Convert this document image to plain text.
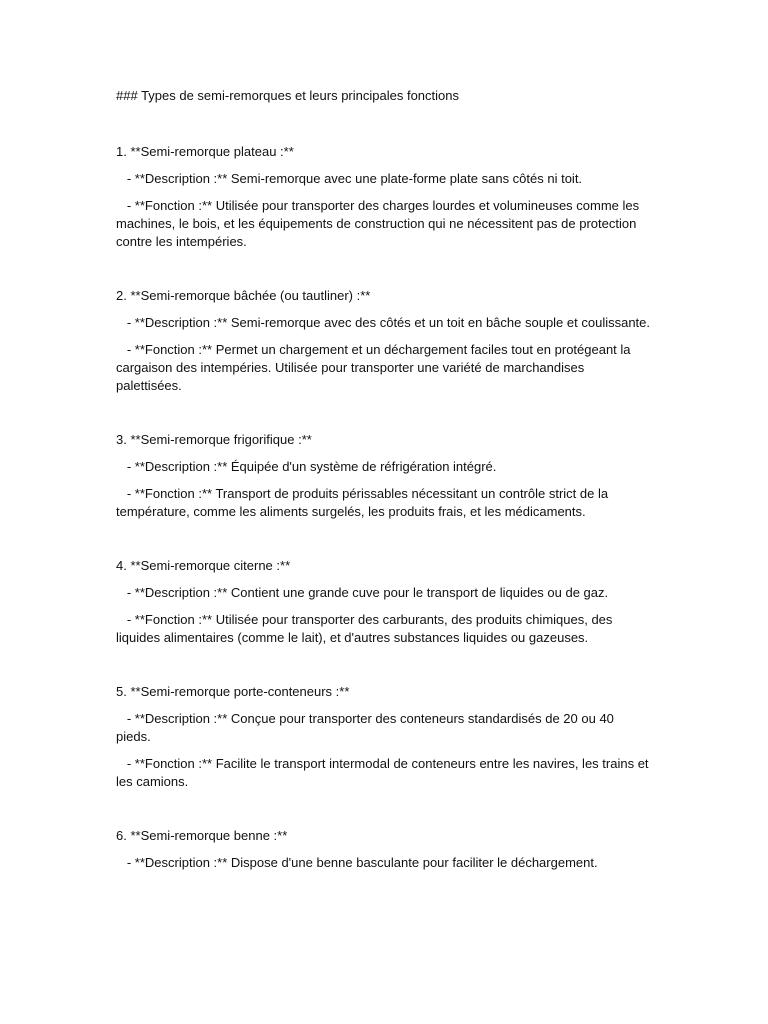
### Types de semi-remorques et leurs principales fonctions

1. **Semi-remorque plateau :**

- **Description :** Semi-remorque avec une plate-forme plate sans côtés ni toit.

- **Fonction :** Utilisée pour transporter des charges lourdes et volumineuses comme les machines, le bois, et les équipements de construction qui ne nécessitent pas de protection contre les intempéries.

2. **Semi-remorque bâchée (ou tautliner) :**

- **Description :** Semi-remorque avec des côtés et un toit en bâche souple et coulissante.

- **Fonction :** Permet un chargement et un déchargement faciles tout en protégeant la cargaison des intempéries. Utilisée pour transporter une variété de marchandises palettisées.

3. **Semi-remorque frigorifique :**

- **Description :** Équipée d'un système de réfrigération intégré.

- **Fonction :** Transport de produits périssables nécessitant un contrôle strict de la température, comme les aliments surgelés, les produits frais, et les médicaments.

4. **Semi-remorque citerne :**

- **Description :** Contient une grande cuve pour le transport de liquides ou de gaz.

- **Fonction :** Utilisée pour transporter des carburants, des produits chimiques, des liquides alimentaires (comme le lait), et d'autres substances liquides ou gazeuses.

5. **Semi-remorque porte-conteneurs :**

- **Description :** Conçue pour transporter des conteneurs standardisés de 20 ou 40 pieds.

- **Fonction :** Facilite le transport intermodal de conteneurs entre les navires, les trains et les camions.

6. **Semi-remorque benne :**

- **Description :** Dispose d'une benne basculante pour faciliter le déchargement.
